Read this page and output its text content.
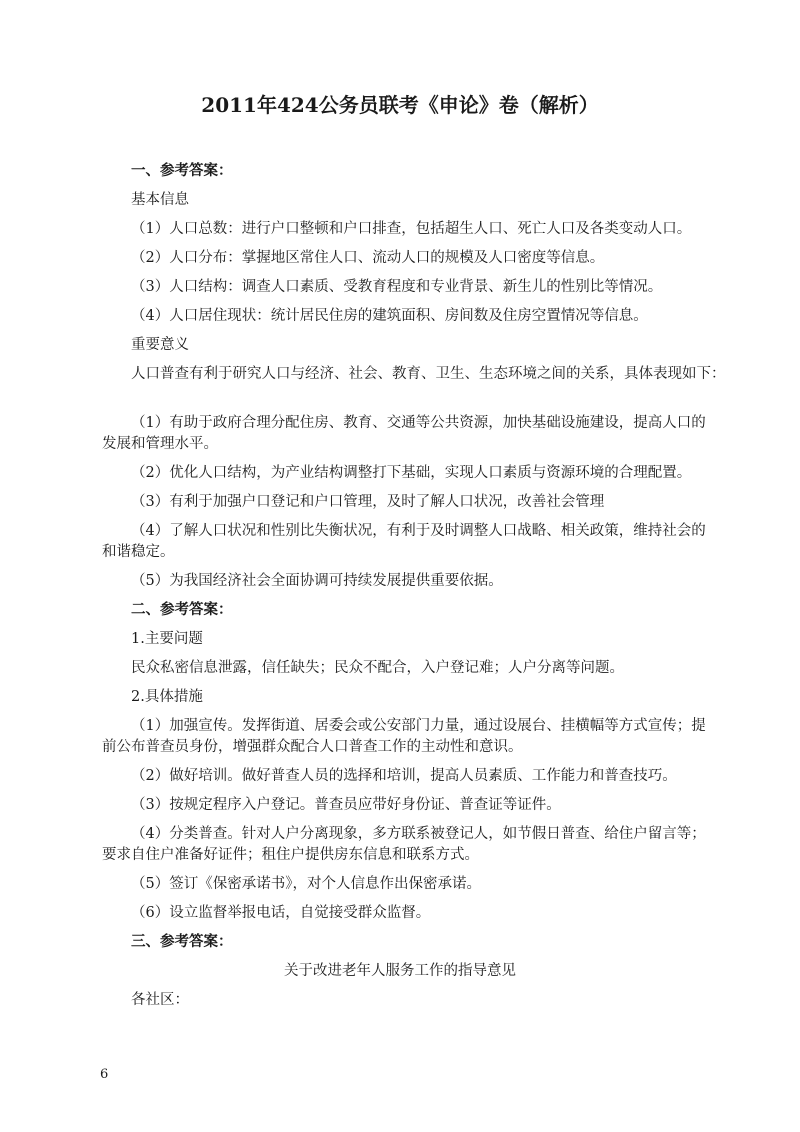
2011年424公务员联考《申论》卷（解析）
一、参考答案：
基本信息
（1）人口总数：进行户口整顿和户口排查，包括超生人口、死亡人口及各类变动人口。
（2）人口分布：掌握地区常住人口、流动人口的规模及人口密度等信息。
（3）人口结构：调查人口素质、受教育程度和专业背景、新生儿的性别比等情况。
（4）人口居住现状：统计居民住房的建筑面积、房间数及住房空置情况等信息。
重要意义
人口普查有利于研究人口与经济、社会、教育、卫生、生态环境之间的关系，具体表现如下：
（1）有助于政府合理分配住房、教育、交通等公共资源，加快基础设施建设，提高人口的
发展和管理水平。
（2）优化人口结构，为产业结构调整打下基础，实现人口素质与资源环境的合理配置。
（3）有利于加强户口登记和户口管理，及时了解人口状况，改善社会管理
（4）了解人口状况和性别比失衡状况，有利于及时调整人口战略、相关政策，维持社会的
和谐稳定。
（5）为我国经济社会全面协调可持续发展提供重要依据。
二、参考答案：
1.主要问题
民众私密信息泄露，信任缺失；民众不配合，入户登记难；人户分离等问题。
2.具体措施
（1）加强宣传。发挥街道、居委会或公安部门力量，通过设展台、挂横幅等方式宣传；提
前公布普查员身份，增强群众配合人口普查工作的主动性和意识。
（2）做好培训。做好普查人员的选择和培训，提高人员素质、工作能力和普查技巧。
（3）按规定程序入户登记。普查员应带好身份证、普查证等证件。
（4）分类普查。针对人户分离现象，多方联系被登记人，如节假日普查、给住户留言等；
要求自住户准备好证件；租住户提供房东信息和联系方式。
（5）签订《保密承诺书》，对个人信息作出保密承诺。
（6）设立监督举报电话，自觉接受群众监督。
三、参考答案：
关于改进老年人服务工作的指导意见
各社区：
6
